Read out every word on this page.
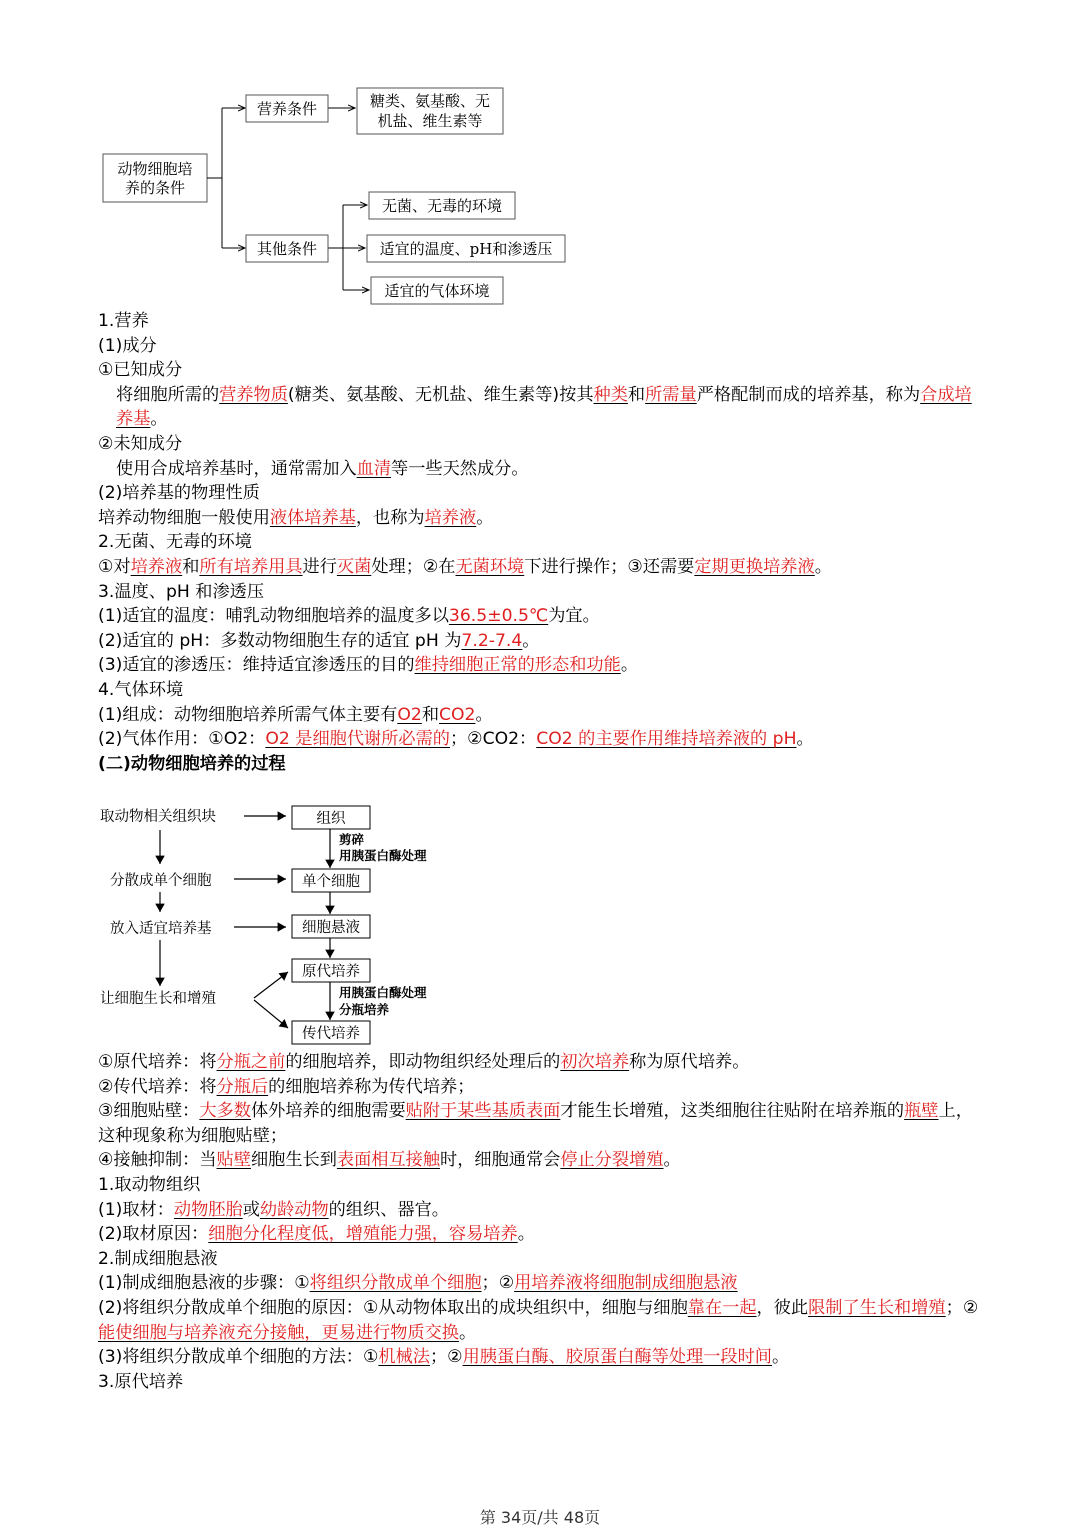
动物细胞培
养的条件
营养条件	糖类、氨基酸、无
机盐、维生素等
其他条件
无菌、无毒的环境
适宜的温度、pH和渗透压
适宜的气体环境

1.营养

(1)成分

①已知成分

将细胞所需的营养物质(糖类、氨基酸、无机盐、维生素等)按其种类和所需量严格配制而成的培养基，称为合成培养基。

②未知成分

使用合成培养基时，通常需加入血清等一些天然成分。

(2)培养基的物理性质

培养动物细胞一般使用液体培养基，也称为培养液。

2.无菌、无毒的环境

①对培养液和所有培养用具进行灭菌处理；②在无菌环境下进行操作；③还需要定期更换培养液。

3.温度、pH 和渗透压

(1)适宜的温度：哺乳动物细胞培养的温度多以36.5±0.5℃为宜。

(2)适宜的 pH：多数动物细胞生存的适宜 pH 为7.2-7.4。

(3)适宜的渗透压：维持适宜渗透压的目的维持细胞正常的形态和功能。

4.气体环境

(1)组成：动物细胞培养所需气体主要有O2和CO2。

(2)气体作用：①O2：O2 是细胞代谢所必需的；②CO2：CO2 的主要作用维持培养液的 pH。

(二)动物细胞培养的过程

取动物相关组织块
分散成单个细胞
放入适宜培养基
让细胞生长和增殖
组织
单个细胞
细胞悬液
原代培养
传代培养
剪碎
用胰蛋白酶处理
用胰蛋白酶处理
分瓶培养

①原代培养：将分瓶之前的细胞培养，即动物组织经处理后的初次培养称为原代培养。

②传代培养：将分瓶后的细胞培养称为传代培养；

③细胞贴壁：大多数体外培养的细胞需要贴附于某些基质表面才能生长增殖，这类细胞往往贴附在培养瓶的瓶壁上，这种现象称为细胞贴壁；

④接触抑制：当贴壁细胞生长到表面相互接触时，细胞通常会停止分裂增殖。

1.取动物组织

(1)取材：动物胚胎或幼龄动物的组织、器官。

(2)取材原因：细胞分化程度低，增殖能力强，容易培养。

2.制成细胞悬液

(1)制成细胞悬液的步骤：①将组织分散成单个细胞；②用培养液将细胞制成细胞悬液

(2)将组织分散成单个细胞的原因：①从动物体取出的成块组织中，细胞与细胞靠在一起，彼此限制了生长和增殖；②能使细胞与培养液充分接触，更易进行物质交换。

(3)将组织分散成单个细胞的方法：①机械法；②用胰蛋白酶、胶原蛋白酶等处理一段时间。

3.原代培养

第 34页/共 48页
